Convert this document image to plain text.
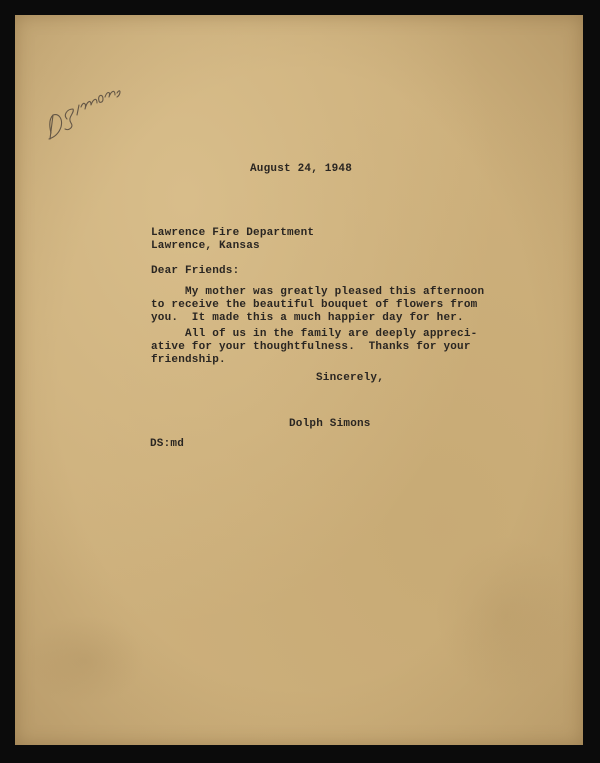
August 24, 1948

Lawrence Fire Department

Lawrence, Kansas

Dear Friends:

My mother was greatly pleased this afternoon
to receive the beautiful bouquet of flowers from
you.  It made this a much happier day for her.

All of us in the family are deeply appreci-
ative for your thoughtfulness.  Thanks for your
friendship.

Sincerely,

Dolph Simons

DS:md
